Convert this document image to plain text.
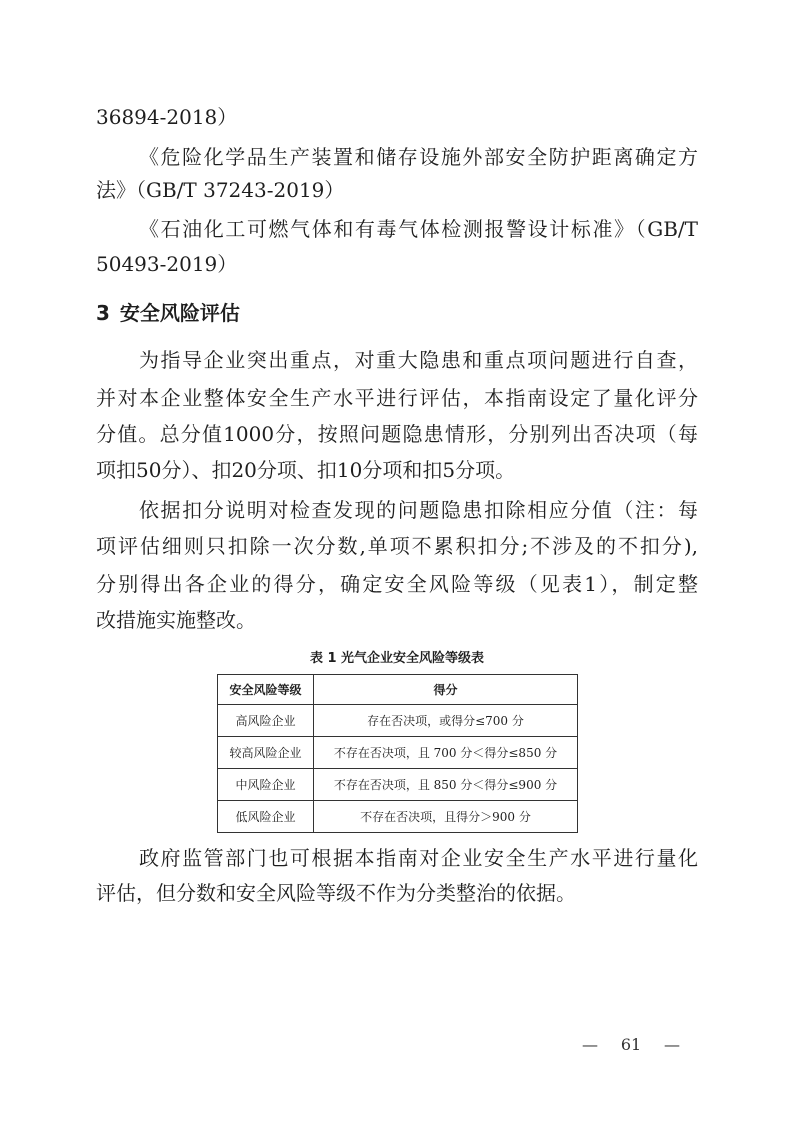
36894-2018）
《危险化学品生产装置和储存设施外部安全防护距离确定方
法》（GB/T 37243-2019）
《石油化工可燃气体和有毒气体检测报警设计标准》（GB/T
50493-2019）
3 安全风险评估
为指导企业突出重点，对重大隐患和重点项问题进行自查，
并对本企业整体安全生产水平进行评估，本指南设定了量化评分
分值。总分值1000分，按照问题隐患情形，分别列出否决项（每
项扣50分）、扣20分项、扣10分项和扣5分项。
依据扣分说明对检查发现的问题隐患扣除相应分值（注：每
项评估细则只扣除一次分数,单项不累积扣分;不涉及的不扣分),
分别得出各企业的得分，确定安全风险等级（见表1），制定整
改措施实施整改。
表 1 光气企业安全风险等级表
安全风险等级	得分
高风险企业	存在否决项，或得分≤700 分
较高风险企业	不存在否决项，且 700 分＜得分≤850 分
中风险企业	不存在否决项，且 850 分＜得分≤900 分
低风险企业	不存在否决项，且得分＞900 分
政府监管部门也可根据本指南对企业安全生产水平进行量化
评估，但分数和安全风险等级不作为分类整治的依据。
— 61 —
